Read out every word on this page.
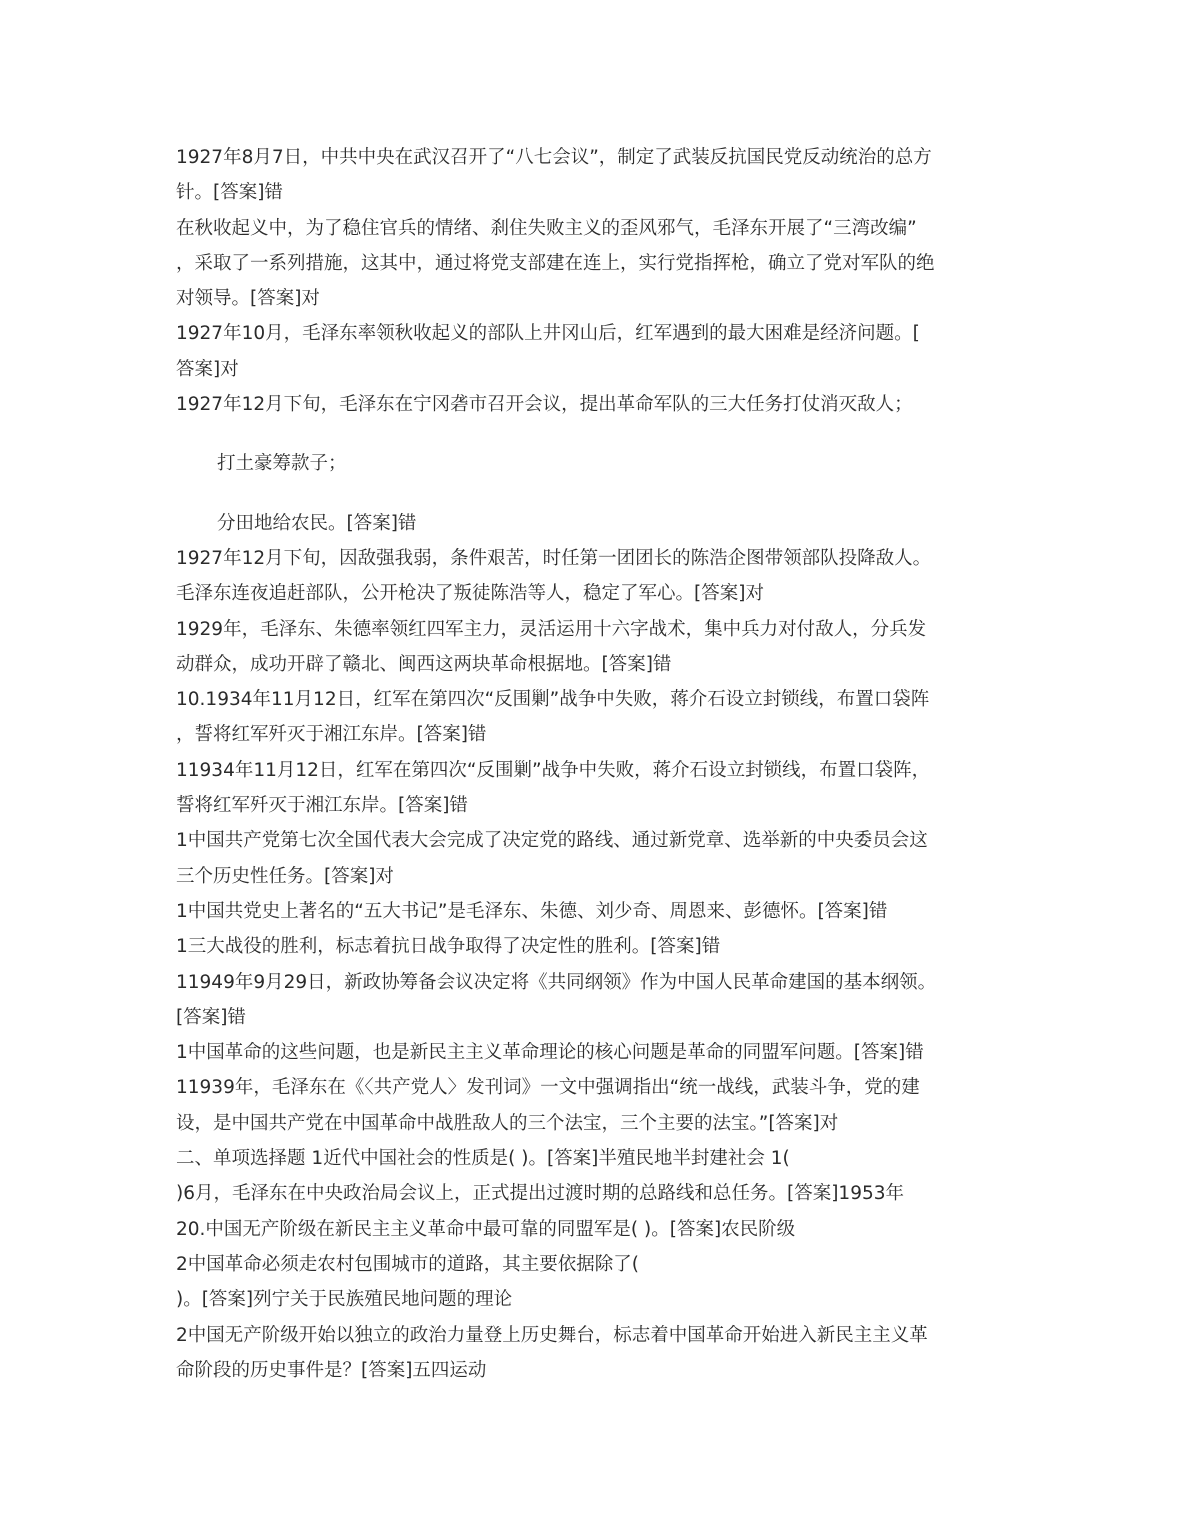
1927年8月7日，中共中央在武汉召开了“八七会议”，制定了武装反抗国民党反动统治的总方
针。[答案]错
在秋收起义中，为了稳住官兵的情绪、刹住失败主义的歪风邪气，毛泽东开展了“三湾改编”
，采取了一系列措施，这其中，通过将党支部建在连上，实行党指挥枪，确立了党对军队的绝
对领导。[答案]对
1927年10月，毛泽东率领秋收起义的部队上井冈山后，红军遇到的最大困难是经济问题。[
答案]对
1927年12月下旬，毛泽东在宁冈砻市召开会议，提出革命军队的三大任务打仗消灭敌人；
打土豪筹款子；
分田地给农民。[答案]错
1927年12月下旬，因敌强我弱，条件艰苦，时任第一团团长的陈浩企图带领部队投降敌人。
毛泽东连夜追赶部队，公开枪决了叛徒陈浩等人，稳定了军心。[答案]对
1929年，毛泽东、朱德率领红四军主力，灵活运用十六字战术，集中兵力对付敌人，分兵发
动群众，成功开辟了赣北、闽西这两块革命根据地。[答案]错
10.1934年11月12日，红军在第四次“反围剿”战争中失败，蒋介石设立封锁线，布置口袋阵
，誓将红军歼灭于湘江东岸。[答案]错
11934年11月12日，红军在第四次“反围剿”战争中失败，蒋介石设立封锁线，布置口袋阵，
誓将红军歼灭于湘江东岸。[答案]错
1中国共产党第七次全国代表大会完成了决定党的路线、通过新党章、选举新的中央委员会这
三个历史性任务。[答案]对
1中国共党史上著名的“五大书记”是毛泽东、朱德、刘少奇、周恩来、彭德怀。[答案]错
1三大战役的胜利，标志着抗日战争取得了决定性的胜利。[答案]错
11949年9月29日，新政协筹备会议决定将《共同纲领》作为中国人民革命建国的基本纲领。
[答案]错
1中国革命的这些问题，也是新民主主义革命理论的核心问题是革命的同盟军问题。[答案]错
11939年，毛泽东在《〈共产党人〉发刊词》一文中强调指出“统一战线，武装斗争，党的建
设，是中国共产党在中国革命中战胜敌人的三个法宝，三个主要的法宝。”[答案]对
二、单项选择题 1近代中国社会的性质是( )。[答案]半殖民地半封建社会 1(
)6月，毛泽东在中央政治局会议上，正式提出过渡时期的总路线和总任务。[答案]1953年
20.中国无产阶级在新民主主义革命中最可靠的同盟军是( )。[答案]农民阶级
2中国革命必须走农村包围城市的道路，其主要依据除了(
)。[答案]列宁关于民族殖民地问题的理论
2中国无产阶级开始以独立的政治力量登上历史舞台，标志着中国革命开始进入新民主主义革
命阶段的历史事件是？[答案]五四运动
